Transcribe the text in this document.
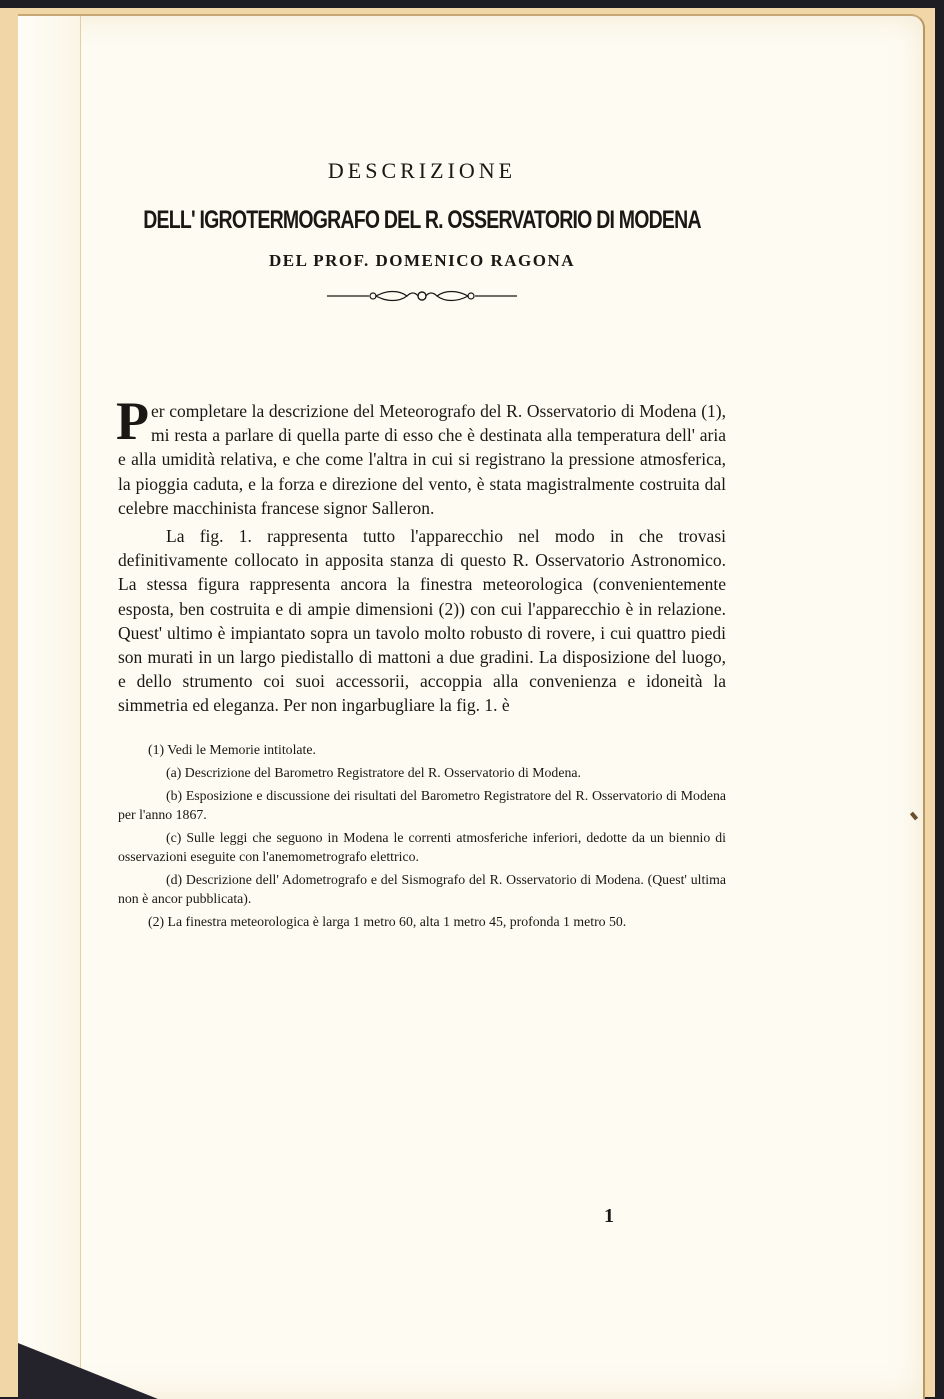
DESCRIZIONE
DELL' IGROTERMOGRAFO DEL R. OSSERVATORIO DI MODENA
DEL PROF. DOMENICO RAGONA

Per completare la descrizione del Meteorografo del R. Osservatorio di Modena (1), mi resta a parlare di quella parte di esso che è destinata alla temperatura dell' aria e alla umidità relativa, e che come l'altra in cui si registrano la pressione atmosferica, la pioggia caduta, e la forza e direzione del vento, è stata magistralmente costruita dal celebre macchinista francese signor Salleron.

La fig. 1. rappresenta tutto l'apparecchio nel modo in che trovasi definitivamente collocato in apposita stanza di questo R. Osservatorio Astronomico. La stessa figura rappresenta ancora la finestra meteorologica (convenientemente esposta, ben costruita e di ampie dimensioni (2)) con cui l'apparecchio è in relazione. Quest' ultimo è impiantato sopra un tavolo molto robusto di rovere, i cui quattro piedi son murati in un largo piedistallo di mattoni a due gradini. La disposizione del luogo, e dello strumento coi suoi accessorii, accoppia alla convenienza e idoneità la simmetria ed eleganza. Per non ingarbugliare la fig. 1. è

(1) Vedi le Memorie intitolate.

(a) Descrizione del Barometro Registratore del R. Osservatorio di Modena.

(b) Esposizione e discussione dei risultati del Barometro Registratore del R. Osservatorio di Modena per l'anno 1867.

(c) Sulle leggi che seguono in Modena le correnti atmosferiche inferiori, dedotte da un biennio di osservazioni eseguite con l'anemometrografo elettrico.

(d) Descrizione dell' Adometrografo e del Sismografo del R. Osservatorio di Modena. (Quest' ultima non è ancor pubblicata).

(2) La finestra meteorologica è larga 1 metro 60, alta 1 metro 45, profonda 1 metro 50.

1
